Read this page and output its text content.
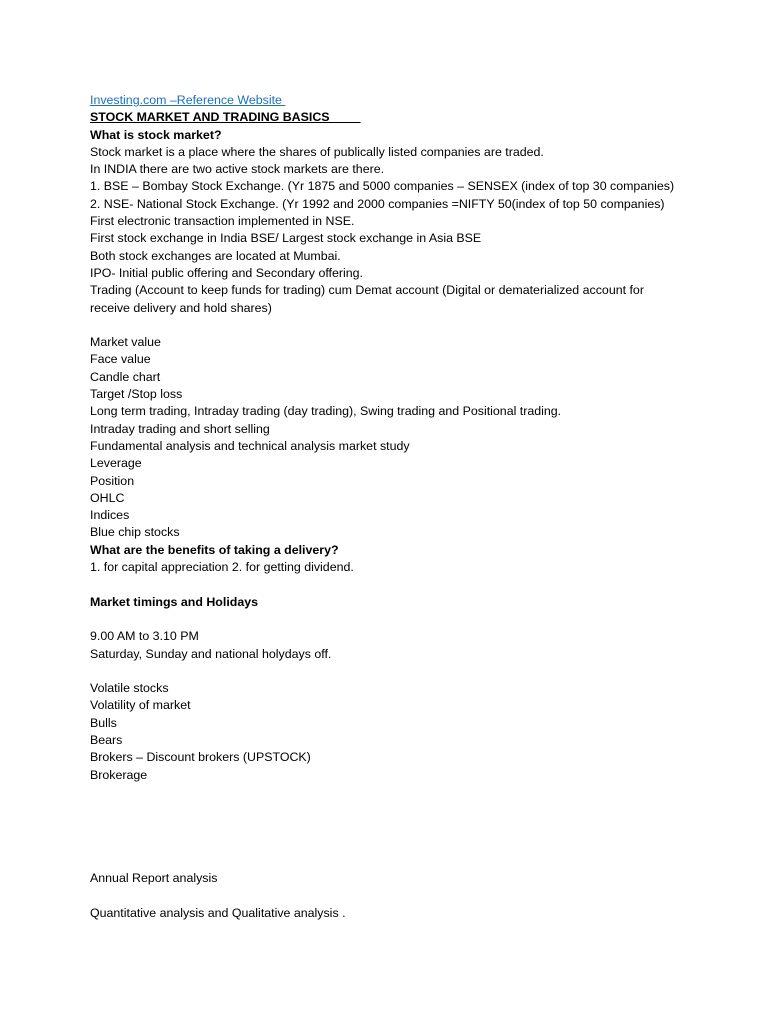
Investing.com –Reference Website
STOCK MARKET AND TRADING BASICS
What is stock market?
Stock market is a place where the shares of publically listed companies are traded.
In INDIA there are two active stock markets are there.
1. BSE – Bombay Stock Exchange. (Yr 1875 and 5000 companies – SENSEX (index of top 30 companies)
2. NSE- National Stock Exchange. (Yr 1992 and 2000 companies =NIFTY 50(index of top 50 companies)
First electronic transaction implemented in NSE.
First stock exchange in India BSE/ Largest stock exchange in Asia BSE
Both stock exchanges are located at Mumbai.
IPO- Initial public offering and Secondary offering.
Trading (Account to keep funds for trading) cum Demat account (Digital or dematerialized account for
receive delivery and hold shares)
Market value
Face value
Candle chart
Target /Stop loss
Long term trading, Intraday trading (day trading), Swing trading and Positional trading.
Intraday trading and short selling
Fundamental analysis and technical analysis market study
Leverage
Position
OHLC
Indices
Blue chip stocks
What are the benefits of taking a delivery?
1. for capital appreciation 2. for getting dividend.
Market timings and Holidays
9.00 AM to 3.10 PM
Saturday, Sunday and national holydays off.
Volatile stocks
Volatility of market
Bulls
Bears
Brokers – Discount brokers (UPSTOCK)
Brokerage
Annual Report analysis
Quantitative analysis and Qualitative analysis .
